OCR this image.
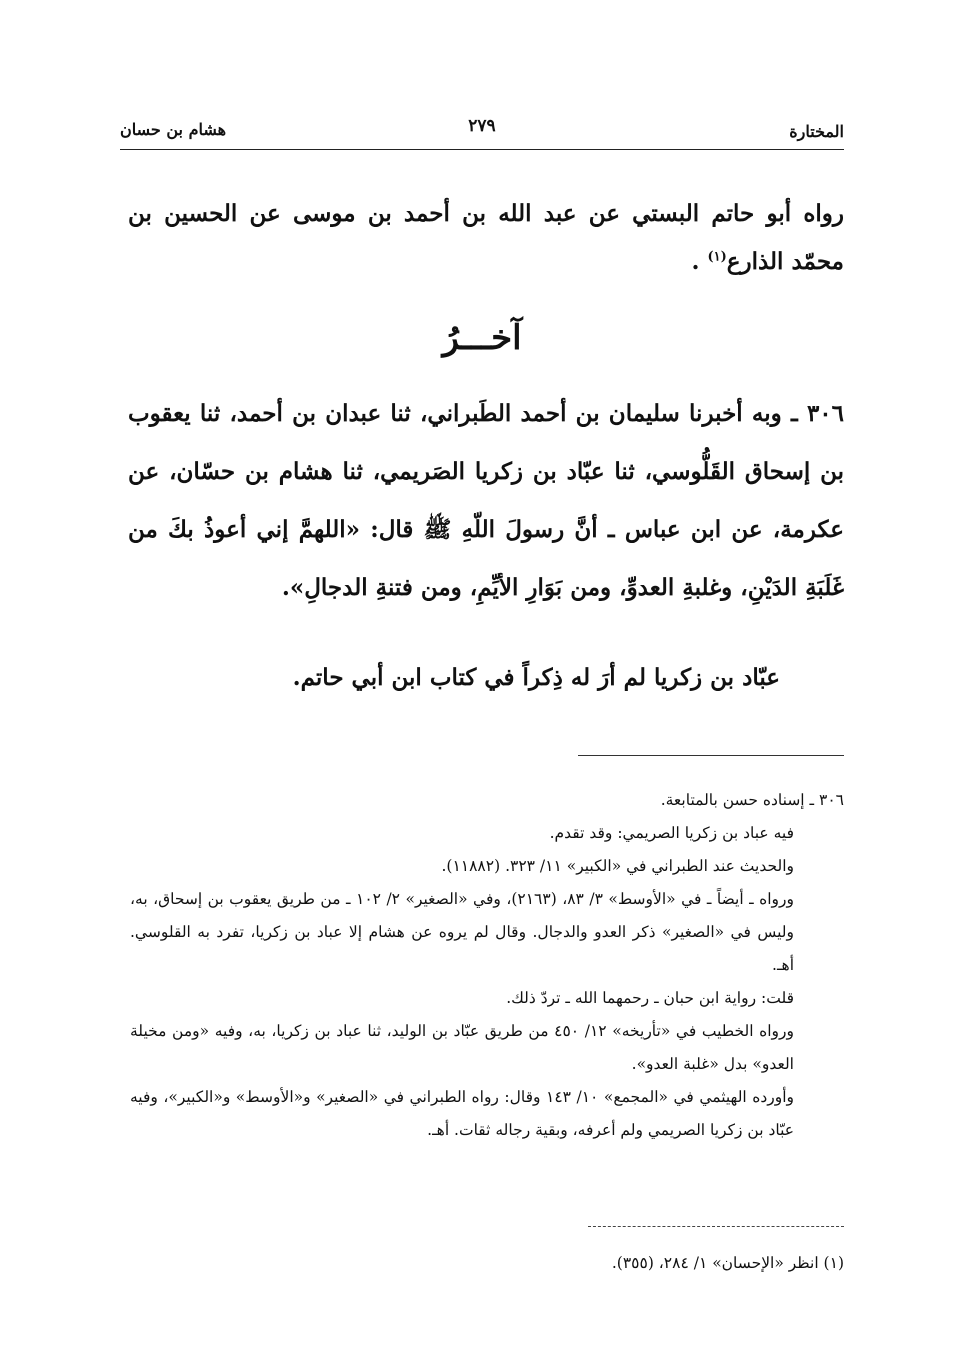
المختارة
٢٧٩
هشام بن حسان
رواه أبو حاتم البستي عن عبد الله بن أحمد بن موسى عن الحسين بن محمّد الذارع$^{(١)}$ .
آخـــرُ
٣٠٦ ـ وبه أخبرنا سليمان بن أحمد الطَبراني، ثنا عبدان بن أحمد، ثنا يعقوب بن إسحاق القَلُّوسي، ثنا عبّاد بن زكريا الصَريمي، ثنا هشام بن حسّان، عن عكرمة، عن ابن عباس ـ أنَّ رسولَ اللّهِ ﷺ قال: «اللهمَّ إني أعوذُ بكَ من غَلَبَةِ الدَيْنِ، وغلبةِ العدوِّ، ومن بَوَارِ الأيِّمِ، ومن فتنةِ الدجالِ».
عبّاد بن زكريا لم أرَ له ذِكراً في كتاب ابن أبي حاتم.
٣٠٦ ـ إسناده حسن بالمتابعة.
فيه عباد بن زكريا الصريمي: وقد تقدم.
والحديث عند الطبراني في «الكبير» ١١/ ٣٢٣. (١١٨٨٢).
ورواه ـ أيضاً ـ في «الأوسط» ٣/ ٨٣، (٢١٦٣)، وفي «الصغير» ٢/ ١٠٢ ـ من طريق يعقوب بن إسحاق، به، وليس في «الصغير» ذكر العدو والدجال. وقال لم يروه عن هشام إلا عباد بن زكريا، تفرد به القلوسي. أهـ.
قلت: رواية ابن حبان ـ رحمهما الله ـ تردّ ذلك.
ورواه الخطيب في «تأريخه» ١٢/ ٤٥٠ من طريق عبّاد بن الوليد، ثنا عباد بن زكريا، به، وفيه «ومن مخيلة العدو» بدل «غلبة العدو».
وأورده الهيثمي في «المجمع» ١٠/ ١٤٣ وقال: رواه الطبراني في «الصغير» و«الأوسط» و«الكبير»، وفيه عبّاد بن زكريا الصريمي ولم أعرفه، وبقية رجاله ثقات. أهـ.
(١) انظر «الإحسان» ١/ ٢٨٤، (٣٥٥).
